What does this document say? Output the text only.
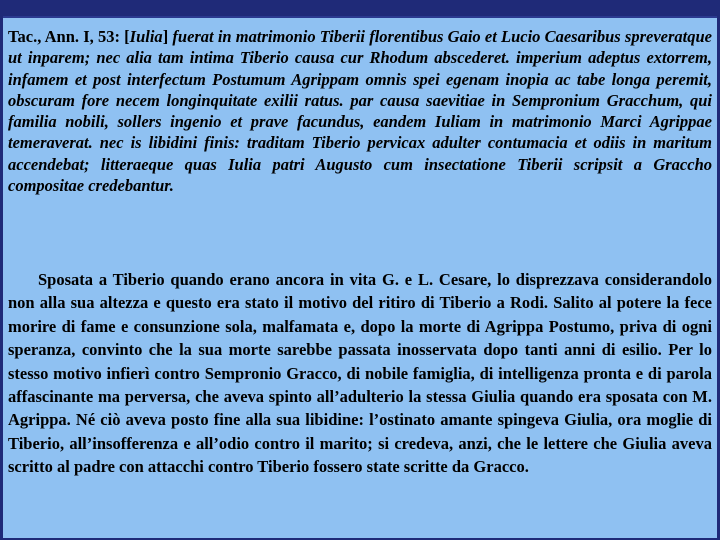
Tac., Ann. I, 53: [Iulia] fuerat in matrimonio Tiberii florentibus Gaio et Lucio Caesaribus spreveratque ut inparem; nec alia tam intima Tiberio causa cur Rhodum abscederet. imperium adeptus extorrem, infamem et post interfectum Postumum Agrippam omnis spei egenam inopia ac tabe longa peremit, obscuram fore necem longinquitate exilii ratus. par causa saevitiae in Sempronium Gracchum, qui familia nobili, sollers ingenio et prave facundus, eandem Iuliam in matrimonio Marci Agrippae temeraverat. nec is libidini finis: traditam Tiberio pervicax adulter contumacia et odiis in maritum accendebat; litteraeque quas Iulia patri Augusto cum insectatione Tiberii scripsit a Graccho compositae credebantur.

Sposata a Tiberio quando erano ancora in vita G. e L. Cesare, lo disprezzava considerandolo non alla sua altezza e questo era stato il motivo del ritiro di Tiberio a Rodi. Salito al potere la fece morire di fame e consunzione sola, malfamata e, dopo la morte di Agrippa Postumo, priva di ogni speranza, convinto che la sua morte sarebbe passata inosservata dopo tanti anni di esilio. Per lo stesso motivo infierì contro Sempronio Gracco, di nobile famiglia, di intelligenza pronta e di parola affascinante ma perversa, che aveva spinto all’adulterio la stessa Giulia quando era sposata con M. Agrippa. Né ciò aveva posto fine alla sua libidine: l’ostinato amante spingeva Giulia, ora moglie di Tiberio, all’insofferenza e all’odio contro il marito; si credeva, anzi, che le lettere che Giulia aveva scritto al padre con attacchi contro Tiberio fossero state scritte da Gracco.
